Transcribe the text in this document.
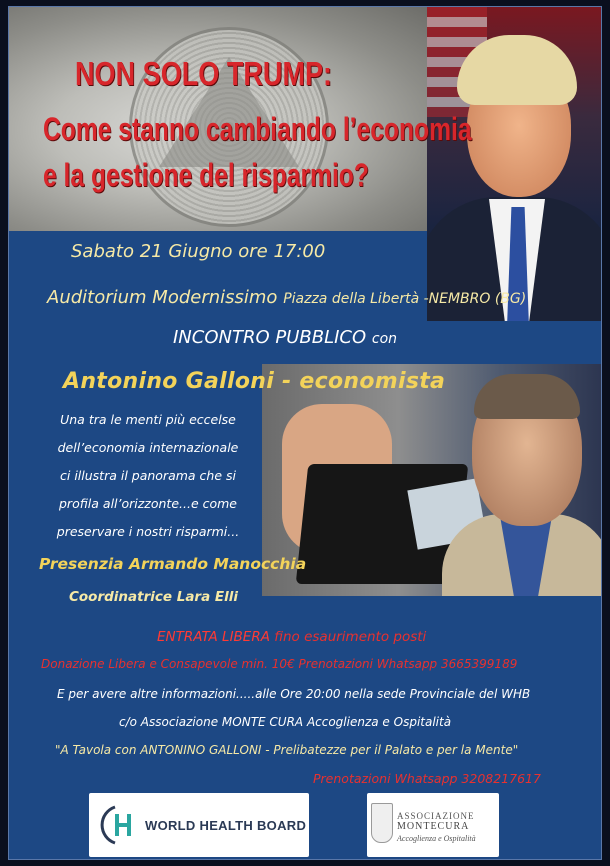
NON SOLO TRUMP:
Come stanno cambiando l’economia
e la gestione del risparmio?
Sabato 21 Giugno ore 17:00
Auditorium Modernissimo Piazza della Libertà -NEMBRO (BG)
INCONTRO PUBBLICO con
Antonino Galloni - economista
Una tra le menti più eccelse
dell’economia internazionale
ci illustra il panorama che si
profila all’orizzonte...e come
preservare i nostri risparmi...
Presenzia Armando Manocchia
Coordinatrice Lara Elli
ENTRATA LIBERA fino esaurimento posti
Donazione Libera e Consapevole min. 10€ Prenotazioni Whatsapp 3665399189
E per avere altre informazioni.....alle Ore 20:00 nella sede Provinciale del WHB
c/o Associazione MONTE CURA Accoglienza e Ospitalità
"A Tavola con ANTONINO GALLONI - Prelibatezze per il Palato e per la Mente"
Prenotazioni Whatsapp 3208217617
WORLD HEALTH BOARD
ASSOCIAZIONE
MONTECURA
Accoglienza e Ospitalità
